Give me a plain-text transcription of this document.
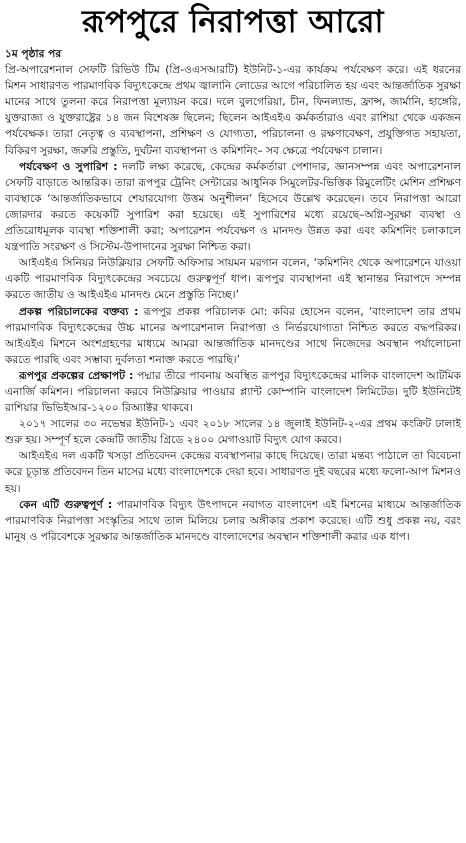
রূপপুরে নিরাপত্তা আরো

১ম পৃষ্ঠার পর

প্রি-অপারেশনাল সেফটি রিভিউ টিম (প্রি-ওএসআরটি) ইউনিট-১-এর কার্যক্রম পর্যবেক্ষণ করে। এই ধরনের মিশন সাধারণত পারমাণবিক বিদ্যুৎকেন্দ্রে প্রথম জ্বালানি লোডের আগে পরিচালিত হয় এবং আন্তর্জাতিক সুরক্ষা মানের সাথে তুলনা করে নিরাপত্তা মূল্যায়ন করে। দলে বুলগেরিয়া, চীন, ফিনল্যান্ড, ফ্রান্স, জার্মানি, হাঙ্গেরি, যুক্তরাজ্য ও যুক্তরাষ্ট্রের ১৪ জন বিশেষজ্ঞ ছিলেন; ছিলেন আইএইএ কর্মকর্তারাও এবং রাশিয়া থেকে একজন পর্যবেক্ষক। তারা নেতৃত্ব ও ব্যবস্থাপনা, প্রশিক্ষণ ও যোগ্যতা, পরিচালনা ও রক্ষণাবেক্ষণ, প্রযুক্তিগত সহায়তা, বিকিরণ সুরক্ষা, জরুরি প্রস্তুতি, দুর্ঘটনা ব্যবস্থাপনা ও কমিশনিং– সব ক্ষেত্রে পর্যবেক্ষণ চালান।

পর্যবেক্ষণ ও সুপারিশ : দলটি লক্ষ্য করেছে, কেন্দ্রের কর্মকর্তারা পেশাদার, জ্ঞানসম্পন্ন এবং অপারেশনাল সেফটি বাড়াতে আন্তরিক। তারা রূপপুর ট্রেনিং সেন্টারের আধুনিক সিমুলেটর-ভিত্তিক রিমুলেটিং মেশিন প্রশিক্ষণ ব্যবস্থাকে ‘আন্তর্জাতিকভাবে শেয়ারযোগ্য উত্তম অনুশীলন’ হিসেবে উল্লেখ করেছেন। তবে নিরাপত্তা আরো জোরদার করতে কয়েকটি সুপারিশ করা হয়েছে। এই সুপারিশের মধ্যে রয়েছে–অগ্নি-সুরক্ষা ব্যবস্থা ও প্রতিরোধমূলক ব্যবস্থা শক্তিশালী করা; অপারেশন পর্যবেক্ষণ ও মানদণ্ড উন্নত করা এবং কমিশনিং চলাকালে যন্ত্রপাতি সংরক্ষণ ও সিস্টেম-উপাদানের সুরক্ষা নিশ্চিত করা।

আইএইএ সিনিয়র নিউক্লিয়ার সেফটি অফিসার সায়মন মরগান বলেন, ‘কমিশনিং থেকে অপারেশনে যাওয়া একটি পারমাণবিক বিদ্যুৎকেন্দ্রের সবচেয়ে গুরুত্বপূর্ণ ধাপ। রূপপুর ব্যবস্থাপনা এই স্থানান্তর নিরাপদে সম্পন্ন করতে জাতীয় ও আইএইএ মানদণ্ড মেনে প্রস্তুতি নিচ্ছে।’

প্রকল্প পরিচালকের বক্তব্য : রূপপুর প্রকল্প পরিচালক মো: কবির হোসেন বলেন, ‘বাংলাদেশ তার প্রথম পারমাণবিক বিদ্যুৎকেন্দ্রের উচ্চ মানের অপারেশনাল নিরাপত্তা ও নির্ভরযোগ্যতা নিশ্চিত করতে বদ্ধপরিকর। আইএইএ মিশনে অংশগ্রহণের মাধ্যমে আমরা আন্তর্জাতিক মানদণ্ডের সাথে নিজেদের অবস্থান পর্যালোচনা করতে পারছি এবং সম্ভাব্য দুর্বলতা শনাক্ত করতে পারছি।’

রূপপুর প্রকল্পের প্রেক্ষাপট : পদ্মার তীরে পাবনায় অবস্থিত রূপপুর বিদ্যুৎকেন্দ্রের মালিক বাংলাদেশ আটমিক এনার্জি কমিশন। পরিচালনা করবে নিউক্লিয়ার পাওয়ার প্ল্যান্ট কোম্পানি বাংলাদেশ লিমিটেড। দুটি ইউনিটেই রাশিয়ার ভিভিইআর-১২০০ রিঅ্যাক্টর থাকবে।

২০১৭ সালের ৩০ নভেম্বর ইউনিট-১ এবং ২০১৮ সালের ১৪ জুলাই ইউনিট-২-এর প্রথম কংক্রিট ঢালাই শুরু হয়। সম্পূর্ণ হলে কেন্দ্রটি জাতীয় গ্রিডে ২৪০০ মেগাওয়াট বিদ্যুৎ যোগ করবে।

আইএইএ দল একটি খসড়া প্রতিবেদন কেন্দ্রের ব্যবস্থাপনার কাছে দিয়েছে। তারা মন্তব্য পাঠালে তা বিবেচনা করে চূড়ান্ত প্রতিবেদন তিন মাসের মধ্যে বাংলাদেশকে দেয়া হবে। সাধারণত দুই বছরের মধ্যে ফলো-আপ মিশনও হয়।

কেন এটি গুরুত্বপূর্ণ : পারমাণবিক বিদ্যুৎ উৎপাদনে নবাগত বাংলাদেশ এই মিশনের মাধ্যমে আন্তর্জাতিক পারমাণবিক নিরাপত্তা সংস্কৃতির সাথে তাল মিলিয়ে চলার অঙ্গীকার প্রকাশ করেছে। এটি শুধু প্রকল্প নয়, বরং মানুষ ও পরিবেশকে সুরক্ষার আন্তর্জাতিক মানদণ্ডে বাংলাদেশের অবস্থান শক্তিশালী করার এক ধাপ।
